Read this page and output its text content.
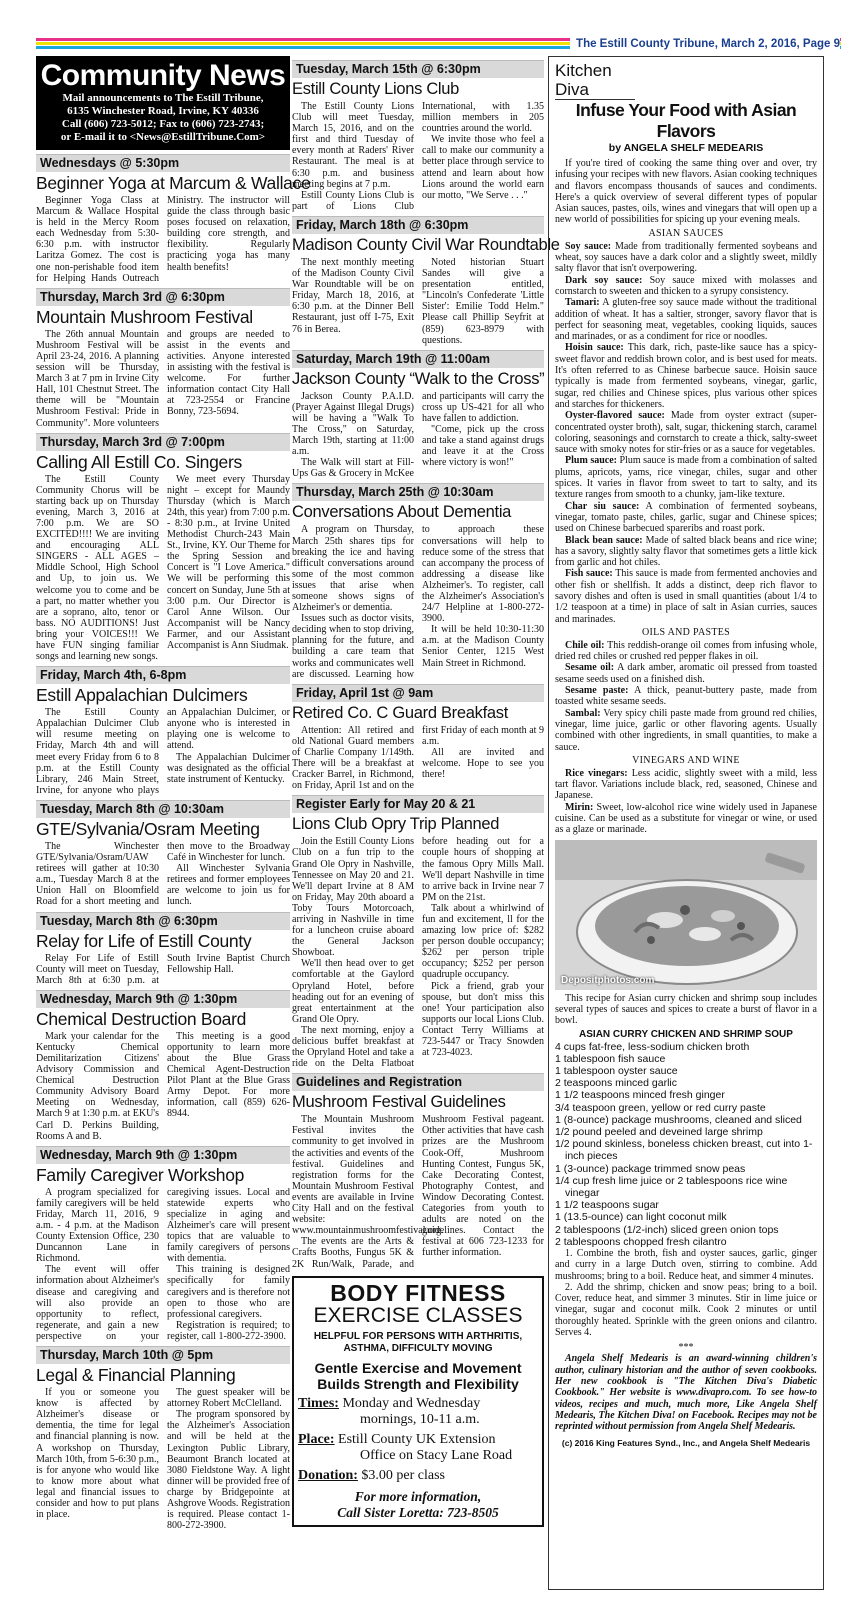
The Estill County Tribune, March 2, 2016, Page 9
Community News
Mail announcements to The Estill Tribune,
6135 Winchester Road, Irvine, KY 40336
Call (606) 723-5012; Fax to (606) 723-2743;
or E-mail it to <News@EstillTribune.Com>
Wednesdays @ 5:30pm
Beginner Yoga at Marcum & Wallace

Beginner Yoga Class at Marcum & Wallace Hospital is held in the Mercy Room each Wednesday from 5:30-6:30 p.m. with instructor Laritza Gomez. The cost is one non-perishable food item for Helping Hands Outreach Ministry. The instructor will guide the class through basic poses focused on relaxation, building core strength, and flexibility. Regularly practicing yoga has many health benefits!

Thursday, March 3rd @ 6:30pm
Mountain Mushroom Festival

The 26th annual Mountain Mushroom Festival will be April 23-24, 2016. A planning session will be Thursday, March 3 at 7 pm in Irvine City Hall, 101 Chestnut Street. The theme will be "Mountain Mushroom Festival: Pride in Community". More volunteers and groups are needed to assist in the events and activities. Anyone interested in assisting with the festival is welcome. For further information contact City Hall at 723-2554 or Francine Bonny, 723-5694.

Thursday, March 3rd @ 7:00pm
Calling All Estill Co. Singers

The Estill County Community Chorus will be starting back up on Thursday evening, March 3, 2016 at 7:00 p.m. We are SO EXCITED!!!! We are inviting and encouraging ALL SINGERS - ALL AGES – Middle School, High School and Up, to join us. We welcome you to come and be a part, no matter whether you are a soprano, alto, tenor or bass. NO AUDITIONS! Just bring your VOICES!!! We have FUN singing familiar songs and learning new songs.

We meet every Thursday night – except for Maundy Thursday (which is March 24th, this year) from 7:00 p.m. - 8:30 p.m., at Irvine United Methodist Church-243 Main St., Irvine, KY. Our Theme for the Spring Session and Concert is "I Love America." We will be performing this concert on Sunday, June 5th at 3:00 p.m. Our Director is Carol Anne Wilson. Our Accompanist will be Nancy Farmer, and our Assistant Accompanist is Ann Siudmak.

Friday, March 4th, 6-8pm
Estill Appalachian Dulcimers

The Estill County Appalachian Dulcimer Club will resume meeting on Friday, March 4th and will meet every Friday from 6 to 8 p.m. at the Estill County Library, 246 Main Street, Irvine, for anyone who plays an Appalachian Dulcimer, or anyone who is interested in playing one is welcome to attend.

The Appalachian Dulcimer was designated as the official state instrument of Kentucky.

Tuesday, March 8th @ 10:30am
GTE/Sylvania/Osram Meeting

The Winchester GTE/Sylvania/Osram/UAW retirees will gather at 10:30 a.m., Tuesday March 8 at the Union Hall on Bloomfield Road for a short meeting and then move to the Broadway Café in Winchester for lunch.

All Winchester Sylvania retirees and former employees are welcome to join us for lunch.

Tuesday, March 8th @ 6:30pm
Relay for Life of Estill County

Relay For Life of Estill County will meet on Tuesday, March 8th at 6:30 p.m. at South Irvine Baptist Church Fellowship Hall.

Wednesday, March 9th @ 1:30pm
Chemical Destruction Board

Mark your calendar for the Kentucky Chemical Demilitarization Citizens' Advisory Commission and Chemical Destruction Community Advisory Board Meeting on Wednesday, March 9 at 1:30 p.m. at EKU's Carl D. Perkins Building, Rooms A and B.

This meeting is a good opportunity to learn more about the Blue Grass Chemical Agent-Destruction Pilot Plant at the Blue Grass Army Depot. For more information, call (859) 626-8944.

Wednesday, March 9th @ 1:30pm
Family Caregiver Workshop

A program specialized for family caregivers will be held Friday, March 11, 2016, 9 a.m. - 4 p.m. at the Madison County Extension Office, 230 Duncannon Lane in Richmond.

The event will offer information about Alzheimer's disease and caregiving and will also provide an opportunity to reflect, regenerate, and gain a new perspective on your caregiving issues. Local and statewide experts who specialize in aging and Alzheimer's care will present topics that are valuable to family caregivers of persons with dementia.

This training is designed specifically for family caregivers and is therefore not open to those who are professional caregivers.

Registration is required; to register, call 1-800-272-3900.

Thursday, March 10th @ 5pm
Legal & Financial Planning

If you or someone you know is affected by Alzheimer's disease or dementia, the time for legal and financial planning is now. A workshop on Thursday, March 10th, from 5-6:30 p.m., is for anyone who would like to know more about what legal and financial issues to consider and how to put plans in place.

The guest speaker will be attorney Robert McClelland.

The program sponsored by the Alzheimer's Association and will be held at the Lexington Public Library, Beaumont Branch located at 3080 Fieldstone Way. A light dinner will be provided free of charge by Bridgepointe at Ashgrove Woods. Registration is required. Please contact 1-800-272-3900.

Tuesday, March 15th @ 6:30pm
Estill County Lions Club

The Estill County Lions Club will meet Tuesday, March 15, 2016, and on the first and third Tuesday of every month at Raders' River Restaurant. The meal is at 6:30 p.m. and business meeting begins at 7 p.m.

Estill County Lions Club is part of Lions Club International, with 1.35 million members in 205 countries around the world.

We invite those who feel a call to make our community a better place through service to attend and learn about how Lions around the world earn our motto, "We Serve . . ."

Friday, March 18th @ 6:30pm
Madison County Civil War Roundtable

The next monthly meeting of the Madison County Civil War Roundtable will be on Friday, March 18, 2016, at 6:30 p.m. at the Dinner Bell Restaurant, just off I-75, Exit 76 in Berea.

Noted historian Stuart Sandes will give a presentation entitled, "Lincoln's Confederate 'Little Sister': Emilie Todd Helm." Please call Phillip Seyfrit at (859) 623-8979 with questions.

Saturday, March 19th @ 11:00am
Jackson County “Walk to the Cross”

Jackson County P.A.I.D. (Prayer Against Illegal Drugs) will be having a "Walk To The Cross," on Saturday, March 19th, starting at 11:00 a.m.

The Walk will start at Fill-Ups Gas & Grocery in McKee and participants will carry the cross up US-421 for all who have fallen to addiction.

"Come, pick up the cross and take a stand against drugs and leave it at the Cross where victory is won!"

Thursday, March 25th @ 10:30am
Conversations About Dementia

A program on Thursday, March 25th shares tips for breaking the ice and having difficult conversations around some of the most common issues that arise when someone shows signs of Alzheimer's or dementia.

Issues such as doctor visits, deciding when to stop driving, planning for the future, and building a care team that works and communicates well are discussed. Learning how to approach these conversations will help to reduce some of the stress that can accompany the process of addressing a disease like Alzheimer's. To register, call the Alzheimer's Association's 24/7 Helpline at 1-800-272-3900.

It will be held 10:30-11:30 a.m. at the Madison County Senior Center, 1215 West Main Street in Richmond.

Friday, April 1st @ 9am
Retired Co. C Guard Breakfast

Attention: All retired and old National Guard members of Charlie Company 1/149th. There will be a breakfast at Cracker Barrel, in Richmond, on Friday, April 1st and on the first Friday of each month at 9 a.m.

All are invited and welcome. Hope to see you there!

Register Early for May 20 & 21
Lions Club Opry Trip Planned

Join the Estill County Lions Club on a fun trip to the Grand Ole Opry in Nashville, Tennessee on May 20 and 21. We'll depart Irvine at 8 AM on Friday, May 20th aboard a Toby Tours Motorcoach, arriving in Nashville in time for a luncheon cruise aboard the General Jackson Showboat.

We'll then head over to get comfortable at the Gaylord Opryland Hotel, before heading out for an evening of great entertainment at the Grand Ole Opry.

The next morning, enjoy a delicious buffet breakfast at the Opryland Hotel and take a ride on the Delta Flatboat before heading out for a couple hours of shopping at the famous Opry Mills Mall. We'll depart Nashville in time to arrive back in Irvine near 7 PM on the 21st.

Talk about a whirlwind of fun and excitement, ll for the amazing low price of: $282 per person double occupancy; $262 per person triple occupancy; $252 per person quadruple occupancy.

Pick a friend, grab your spouse, but don't miss this one! Your participation also supports our local Lions Club. Contact Terry Williams at 723-5447 or Tracy Snowden at 723-4023.

Guidelines and Registration
Mushroom Festival Guidelines

The Mountain Mushroom Festival invites the community to get involved in the activities and events of the festival. Guidelines and registration forms for the Mountain Mushroom Festival events are available in Irvine City Hall and on the festival website: www.mountainmushroomfestival.org.

The events are the Arts & Crafts Booths, Fungus 5K & 2K Run/Walk, Parade, and Mushroom Festival pageant. Other activities that have cash prizes are the Mushroom Cook-Off, Mushroom Hunting Contest, Fungus 5K, Cake Decorating Contest, Photography Contest, and Window Decorating Contest. Categories from youth to adults are noted on the guidelines. Contact the festival at 606 723-1233 for further information.

BODY FITNESS
EXERCISE CLASSES
HELPFUL FOR PERSONS WITH ARTHRITIS, ASTHMA, DIFFICULTY MOVING
Gentle Exercise and Movement Builds Strength and Flexibility
Times: Monday and Wednesday
mornings, 10-11 a.m.
Place: Estill County UK Extension
Office on Stacy Lane Road
Donation: $3.00 per class
For more information,
Call Sister Loretta: 723-8505
Kitchen Diva
Infuse Your Food with Asian Flavors
by ANGELA SHELF MEDEARIS

If you're tired of cooking the same thing over and over, try infusing your recipes with new flavors. Asian cooking techniques and flavors encompass thousands of sauces and condiments. Here's a quick overview of several different types of popular Asian sauces, pastes, oils, wines and vinegars that will open up a new world of possibilities for spicing up your evening meals.

ASIAN SAUCES

Soy sauce: Made from traditionally fermented soybeans and wheat, soy sauces have a dark color and a slightly sweet, mildly salty flavor that isn't overpowering.

Dark soy sauce: Soy sauce mixed with molasses and cornstarch to sweeten and thicken to a syrupy consistency.

Tamari: A gluten-free soy sauce made without the traditional addition of wheat. It has a saltier, stronger, savory flavor that is perfect for seasoning meat, vegetables, cooking liquids, sauces and marinades, or as a condiment for rice or noodles.

Hoisin sauce: This dark, rich, paste-like sauce has a spicy-sweet flavor and reddish brown color, and is best used for meats. It's often referred to as Chinese barbecue sauce. Hoisin sauce typically is made from fermented soybeans, vinegar, garlic, sugar, red chilies and Chinese spices, plus various other spices and starches for thickeners.

Oyster-flavored sauce: Made from oyster extract (super-concentrated oyster broth), salt, sugar, thickening starch, caramel coloring, seasonings and cornstarch to create a thick, salty-sweet sauce with smoky notes for stir-fries or as a sauce for vegetables.

Plum sauce: Plum sauce is made from a combination of salted plums, apricots, yams, rice vinegar, chiles, sugar and other spices. It varies in flavor from sweet to tart to salty, and its texture ranges from smooth to a chunky, jam-like texture.

Char siu sauce: A combination of fermented soybeans, vinegar, tomato paste, chiles, garlic, sugar and Chinese spices; used on Chinese barbecued spareribs and roast pork.

Black bean sauce: Made of salted black beans and rice wine; has a savory, slightly salty flavor that sometimes gets a little kick from garlic and hot chiles.

Fish sauce: This sauce is made from fermented anchovies and other fish or shellfish. It adds a distinct, deep rich flavor to savory dishes and often is used in small quantities (about 1/4 to 1/2 teaspoon at a time) in place of salt in Asian curries, sauces and marinades.

OILS AND PASTES

Chile oil: This reddish-orange oil comes from infusing whole, dried red chiles or crushed red pepper flakes in oil.

Sesame oil: A dark amber, aromatic oil pressed from toasted sesame seeds used on a finished dish.

Sesame paste: A thick, peanut-buttery paste, made from toasted white sesame seeds.

Sambal: Very spicy chili paste made from ground red chilies, vinegar, lime juice, garlic or other flavoring agents. Usually combined with other ingredients, in small quantities, to make a sauce.

VINEGARS AND WINE

Rice vinegars: Less acidic, slightly sweet with a mild, less tart flavor. Variations include black, red, seasoned, Chinese and Japanese.

Mirin: Sweet, low-alcohol rice wine widely used in Japanese cuisine. Can be used as a substitute for vinegar or wine, or used as a glaze or marinade.

Depositphotos.com

This recipe for Asian curry chicken and shrimp soup includes several types of sauces and spices to create a burst of flavor in a bowl.

ASIAN CURRY CHICKEN AND SHRIMP SOUP
4 cups fat-free, less-sodium chicken broth
1 tablespoon fish sauce
1 tablespoon oyster sauce
2 teaspoons minced garlic
1 1/2 teaspoons minced fresh ginger
3/4 teaspoon green, yellow or red curry paste
1 (8-ounce) package mushrooms, cleaned and sliced
1/2 pound peeled and deveined large shrimp
1/2 pound skinless, boneless chicken breast, cut into 1-inch pieces
1 (3-ounce) package trimmed snow peas
1/4 cup fresh lime juice or 2 tablespoons rice wine vinegar
1 1/2 teaspoons sugar
1 (13.5-ounce) can light coconut milk
2 tablespoons (1/2-inch) sliced green onion tops
2 tablespoons chopped fresh cilantro

1. Combine the broth, fish and oyster sauces, garlic, ginger and curry in a large Dutch oven, stirring to combine. Add mushrooms; bring to a boil. Reduce heat, and simmer 4 minutes.

2. Add the shrimp, chicken and snow peas; bring to a boil. Cover, reduce heat, and simmer 3 minutes. Stir in lime juice or vinegar, sugar and coconut milk. Cook 2 minutes or until thoroughly heated. Sprinkle with the green onions and cilantro. Serves 4.

***

Angela Shelf Medearis is an award-winning children's author, culinary historian and the author of seven cookbooks. Her new cookbook is "The Kitchen Diva's Diabetic Cookbook." Her website is www.divapro.com. To see how-to videos, recipes and much, much more, Like Angela Shelf Medearis, The Kitchen Diva! on Facebook. Recipes may not be reprinted without permission from Angela Shelf Medearis.

(c) 2016 King Features Synd., Inc., and Angela Shelf Medearis
